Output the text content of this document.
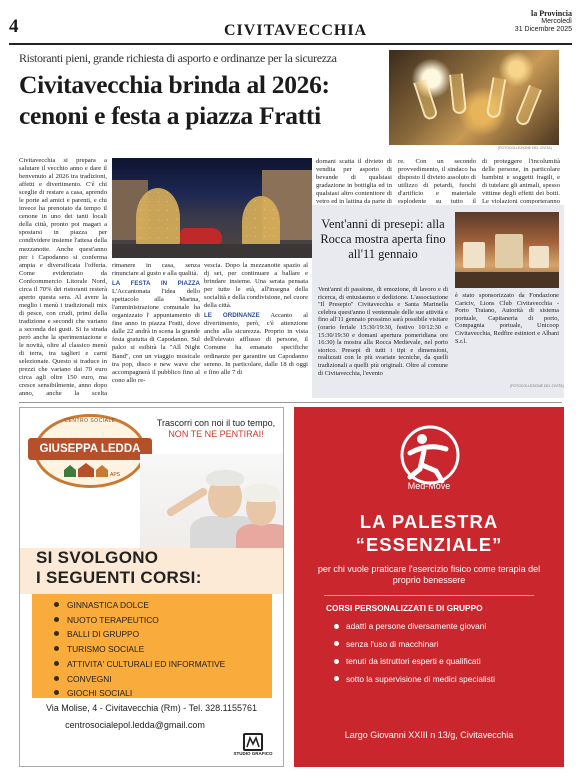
4	CIVITAVECCHIA
la Provincia
Mercoledì
31 Dicembre 2025
Ristoranti pieni, grande richiesta di asporto e ordinanze per la sicurezza
Civitavecchia brinda al 2026:
cenoni e festa a piazza Fratti
(FOTOCOLLEZIONE DEL CIVITA)
Civitavecchia si prepara a salutare il vecchio anno e dare il benvenuto al 2026 tra tradizioni, affetti e divertimento. C'è chi sceglie di restare a casa, aprendo le porte ad amici e parenti, e chi invece ha prenotato da tempo il cenone in uno dei tanti locali della città, pronto poi magari a spostarsi in piazza per condividere insieme l'attesa della mezzanotte. Anche quest'anno per i Capodanno si conferma ampia e diversificata l'offerta. Come evidenziato da Confcommercio Litorale Nord, circa il 70% dei ristoranti resterà aperto questa sera. Al avere la meglio i menù i tradizionali mix di pesce, con crudi, primi della tradizione e secondi che variano a seconda dei gusti. Si fa strada però anche la sperimentazione e le novità, oltre al classico menù di terra, tra taglieri e carni selezionate. Questo si traduce in prezzi che variano dai 70 euro circa agli oltre 150 euro, ma cresce sensibilmente, anno dopo anno, anche la scelta

rimanere in casa, senza rinunciare al gusto e alla qualità.

LA FESTA IN PIAZZA L'Accantonata l'idea dello spettacolo alla Marina, l'amministrazione comunale ha organizzato l' appuntamento di fine anno in piazza Fratti, dove dalle 22 andrà in scena la grande festa gratuita di Capodanno. Sul palco si esibirà la "All Night Band", con un viaggio musicale tra pop, disco e new wave che accompagnerà il pubblico fino al cono allo re-

vescia. Dopo la mezzanotte spazio al dj set, per continuare a ballare e brindare insieme. Una serata pensata per tutte le età, all'insegna della socialità e della condivisione, nel cuore della città.

LE ORDINANZE Accanto al divertimento, però, c'è attenzione anche alla sicurezza. Proprio in vista dell'elevato afflusso di persone, il Comune ha emanato specifiche ordinanze per garantire un Capodanno sereno. In particolare, dalle 18 di oggi e fino alle 7 di
domani scatta il divieto di vendita per asporto di bevande di qualsiasi gradazione in bottiglia ed in qualsiasi altro contenitore di vetro ed in lattina da parte di
re. Con un secondo provvedimento, il sindaco ha disposto il divieto assoluto di utilizzo di petardi, fuochi d'artificio e materiale esplodente su tutto il
di proteggere l'incolumità delle persone, in particolare bambini e soggetti fragili, e di tutelare gli animali, spesso vittime degli effetti dei botti. Le violazioni comporteranno
Vent'anni di presepi: alla Rocca mostra aperta fino all'11 gennaio
Vent'anni di passione, di emozione, di lavoro e di ricerca, di entusiasmo e dedizione. L'associazione "Il Presepio" Civitavecchia e Santa Marinella celebra quest'anno il ventennale delle sue attività e fino all'11 gennaio prossimo sarà possibile visitare (orario feriale 15:30/19:30, festivo 10/12:30 e 15:30/19:30 e domani apertura pomeridiana ore 16:30) la mostra alla Rocca Medievale, nel porto storico. Presepi di tutti i tipi e dimensioni, realizzati con le più svariate tecniche, da quelli tradizionali a quelli più originali. Oltre al comune di Civitavecchia, l'evento
è stato sponsorizzato da Fondazione Cariciv, Lions Club Civitavecchia - Porto Traiano, Autorità di sistema portuale, Capitaneria di porto, Compagnia portuale, Unicoop Civitavecchia, Redfire estintori e Albani S.r.l.
(FOTOCOLLEZIONE DEL CIVITA)
CENTRO SOCIALE
GIUSEPPA LEDDA
APS
Trascorri con noi il tuo tempo,
NON TE NE PENTIRAI!
SI SVOLGONO
I SEGUENTI CORSI:
GINNASTICA DOLCE
NUOTO TERAPEUTICO
BALLI DI GRUPPO
TURISMO SOCIALE
ATTIVITA' CULTURALI ED INFORMATIVE
CONVEGNI
GIOCHI SOCIALI
Via Molise, 4 - Civitavecchia (Rm) - Tel. 328.1155761
centrosocialepol.ledda@gmail.com
STUDIO GRAFICO
Med-Move
LA PALESTRA
“ESSENZIALE”
per chi vuole praticare l'esercizio fisico come terapia del proprio benessere
CORSI PERSONALIZZATI E DI GRUPPO
adatti a persone diversamente giovani
senza l'uso di macchinari
tenuti da istruttori esperti e qualificati
sotto la supervisione di medici specialisti
Largo Giovanni XXIII n 13/g, Civitavecchia
